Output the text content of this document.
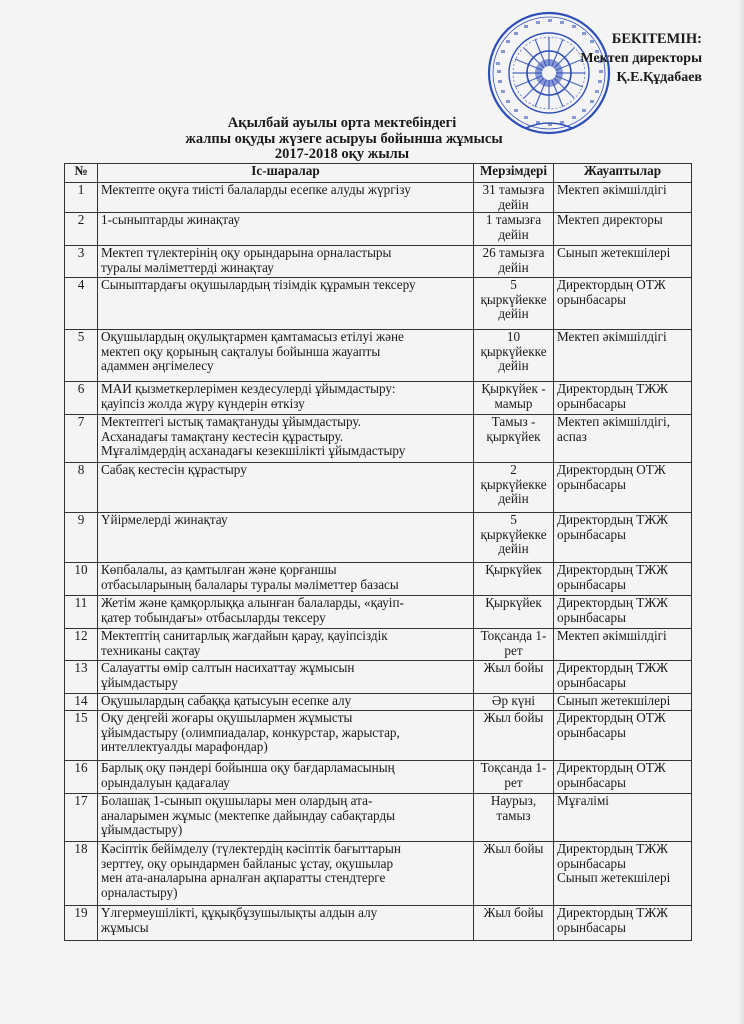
БЕКІТЕМІН:
Мектеп директоры
Қ.Е.Құдабаев
Ақылбай ауылы орта мектебіндегі
жалпы оқуды жүзеге асыруы бойынша жұмысы
2017-2018 оқу жылы
№	Іс-шаралар	Мерзімдері	Жауаптылар
1	Мектепте оқуға тиісті балаларды есепке алуды жүргізу	31 тамызға
дейін	Мектеп әкімшілдігі
2	1-сыныптарды жинақтау	1 тамызға
дейін	Мектеп директоры
3	Мектеп түлектерінің оқу орындарына орналастыры
туралы мәліметтерді жинақтау	26 тамызға
дейін	Сынып жетекшілері
4	Сыныптардағы оқушылардың тізімдік құрамын тексеру	5
қыркүйекке
дейін	Директордың ОТЖ
орынбасары
5	Оқушылардың оқулықтармен қамтамасыз етілуі және
мектеп оқу қорының сақталуы бойынша жауапты
адаммен әңгімелесу	10
қыркүйекке
дейін	Мектеп әкімшілдігі
6	МАИ қызметкерлерімен кездесулерді ұйымдастыру:
қауіпсіз жолда жүру күндерін өткізу	Қыркүйек -
мамыр	Директордың ТЖЖ
орынбасары
7	Мектептегі ыстық тамақтануды ұйымдастыру.
Асханадағы тамақтану кестесін құрастыру.
Мұғалімдердің асханадағы кезекшілікті ұйымдастыру	Тамыз -
қыркүйек	Мектеп әкімшілдігі,
аспаз
8	Сабақ кестесін құрастыру	2
қыркүйекке
дейін	Директордың ОТЖ
орынбасары
9	Үйірмелерді жинақтау	5
қыркүйекке
дейін	Директордың ТЖЖ
орынбасары
10	Көпбалалы, аз қамтылған және қорғаншы
отбасыларының балалары туралы мәліметтер базасы	Қыркүйек	Директордың ТЖЖ
орынбасары
11	Жетім және қамқорлыққа алынған балаларды, «қауіп-
қатер тобындағы» отбасыларды тексеру	Қыркүйек	Директордың ТЖЖ
орынбасары
12	Мектептің санитарлық жағдайын қарау, қауіпсіздік
техниканы сақтау	Тоқсанда 1-
рет	Мектеп әкімшілдігі
13	Салауатты өмір салтын насихаттау жұмысын
ұйымдастыру	Жыл бойы	Директордың ТЖЖ
орынбасары
14	Оқушылардың сабаққа қатысуын есепке алу	Әр күні	Сынып жетекшілері
15	Оқу деңгейі жоғары оқушылармен жұмысты
ұйымдастыру (олимпиадалар, конкурстар, жарыстар,
интеллектуалды марафондар)	Жыл бойы	Директордың ОТЖ
орынбасары
16	Барлық оқу пәндері бойынша оқу бағдарламасының
орындалуын қадағалау	Тоқсанда 1-
рет	Директордың ОТЖ
орынбасары
17	Болашақ 1-сынып оқушылары мен олардың ата-
аналарымен жұмыс (мектепке дайындау сабақтарды
ұйымдастыру)	Наурыз,
тамыз	Мұғалімі
18	Кәсіптік бейімделу (түлектердің кәсіптік бағыттарын
зерттеу, оқу орындармен байланыс ұстау, оқушылар
мен ата-аналарына арналған ақпаратты стендтерге
орналастыру)	Жыл бойы	Директордың ТЖЖ
орынбасары
Сынып жетекшілері
19	Үлгермеушілікті, құқықбұзушылықты алдын алу
жұмысы	Жыл бойы	Директордың ТЖЖ
орынбасары
